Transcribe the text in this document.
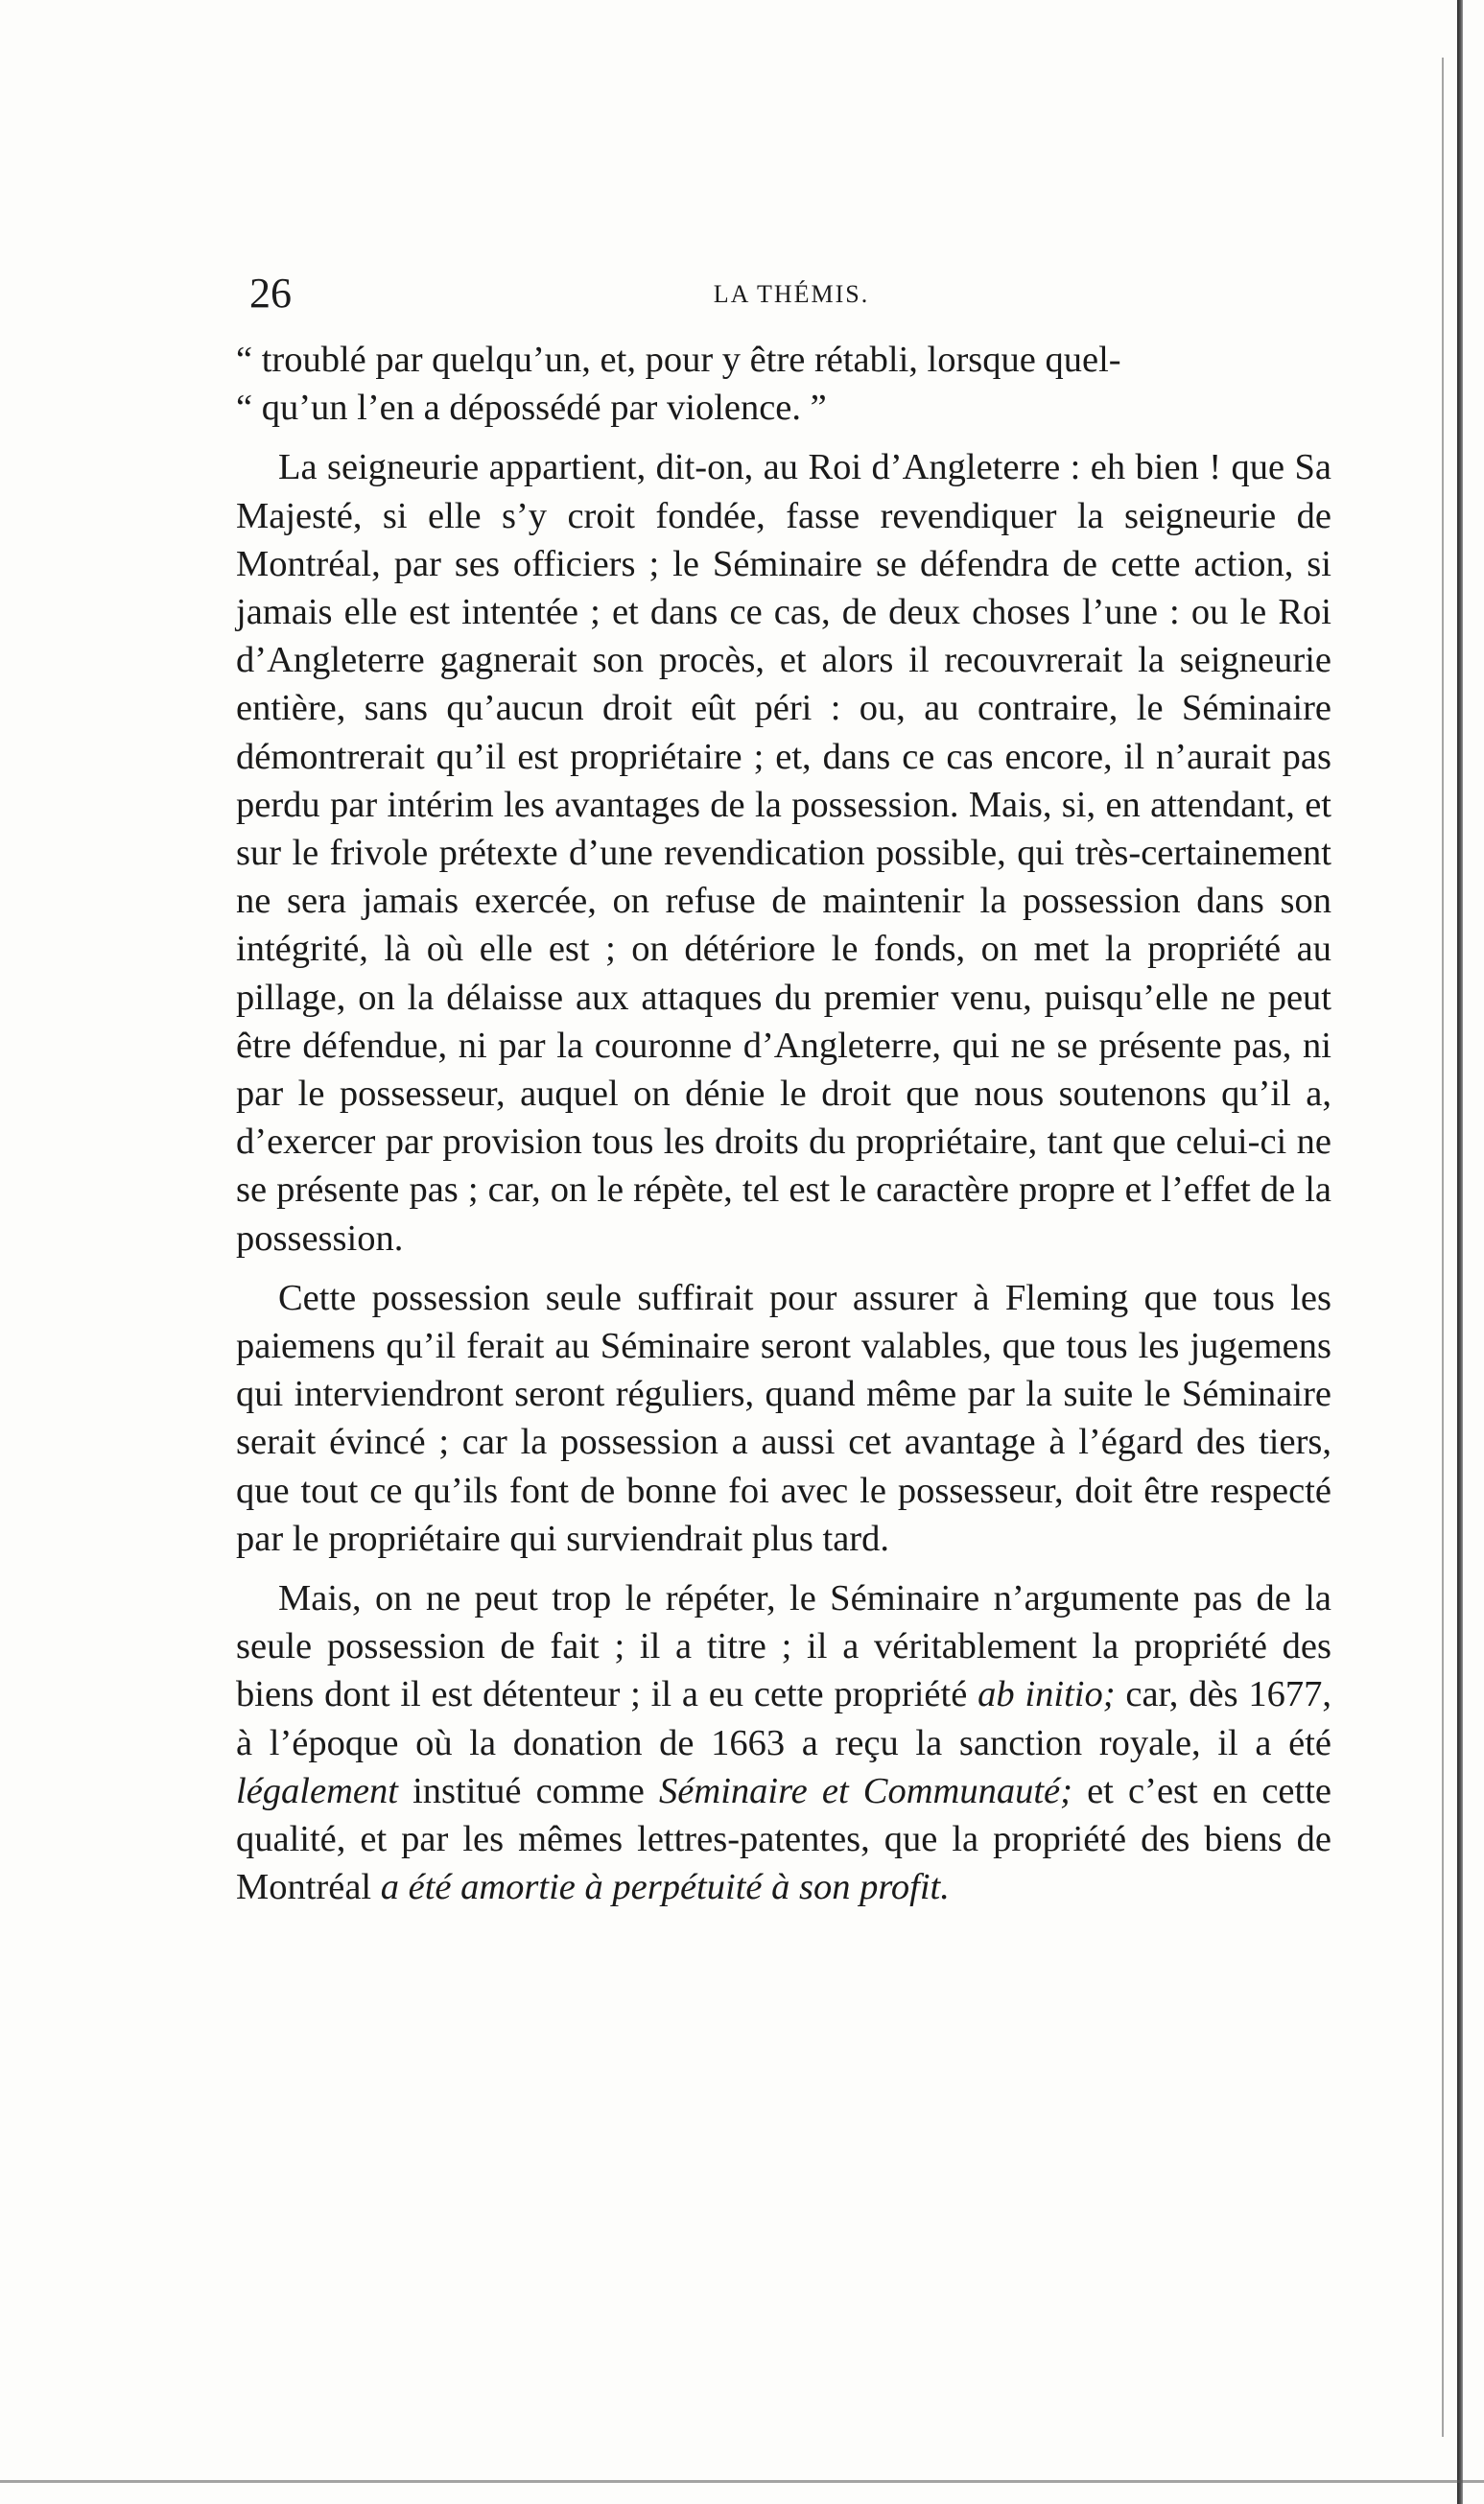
26	LA THÉMIS.

“ troublé par quelqu’un, et, pour y être rétabli, lorsque quel-
“ qu’un l’en a dépossédé par violence. ”

La seigneurie appartient, dit-on, au Roi d’Angleterre : eh bien ! que Sa Majesté, si elle s’y croit fondée, fasse revendiquer la seigneurie de Montréal, par ses officiers ; le Séminaire se défendra de cette action, si jamais elle est intentée ; et dans ce cas, de deux choses l’une : ou le Roi d’Angleterre gagnerait son procès, et alors il recouvrerait la seigneurie entière, sans qu’aucun droit eût péri : ou, au contraire, le Séminaire démontrerait qu’il est propriétaire ; et, dans ce cas encore, il n’aurait pas perdu par intérim les avantages de la possession. Mais, si, en attendant, et sur le frivole prétexte d’une revendication possible, qui très-certainement ne sera jamais exercée, on refuse de maintenir la possession dans son intégrité, là où elle est ; on détériore le fonds, on met la propriété au pillage, on la délaisse aux attaques du premier venu, puisqu’elle ne peut être défendue, ni par la couronne d’Angleterre, qui ne se présente pas, ni par le possesseur, auquel on dénie le droit que nous soutenons qu’il a, d’exercer par provision tous les droits du propriétaire, tant que celui-ci ne se présente pas ; car, on le répète, tel est le caractère propre et l’effet de la possession.

Cette possession seule suffirait pour assurer à Fleming que tous les paiemens qu’il ferait au Séminaire seront valables, que tous les jugemens qui interviendront seront réguliers, quand même par la suite le Séminaire serait évincé ; car la possession a aussi cet avantage à l’égard des tiers, que tout ce qu’ils font de bonne foi avec le possesseur, doit être respecté par le propriétaire qui surviendrait plus tard.

Mais, on ne peut trop le répéter, le Séminaire n’argumente pas de la seule possession de fait ; il a titre ; il a véritablement la propriété des biens dont il est détenteur ; il a eu cette propriété ab initio; car, dès 1677, à l’époque où la donation de 1663 a reçu la sanction royale, il a été légalement institué comme Séminaire et Communauté; et c’est en cette qualité, et par les mêmes lettres-patentes, que la propriété des biens de Montréal a été amortie à perpétuité à son profit.
